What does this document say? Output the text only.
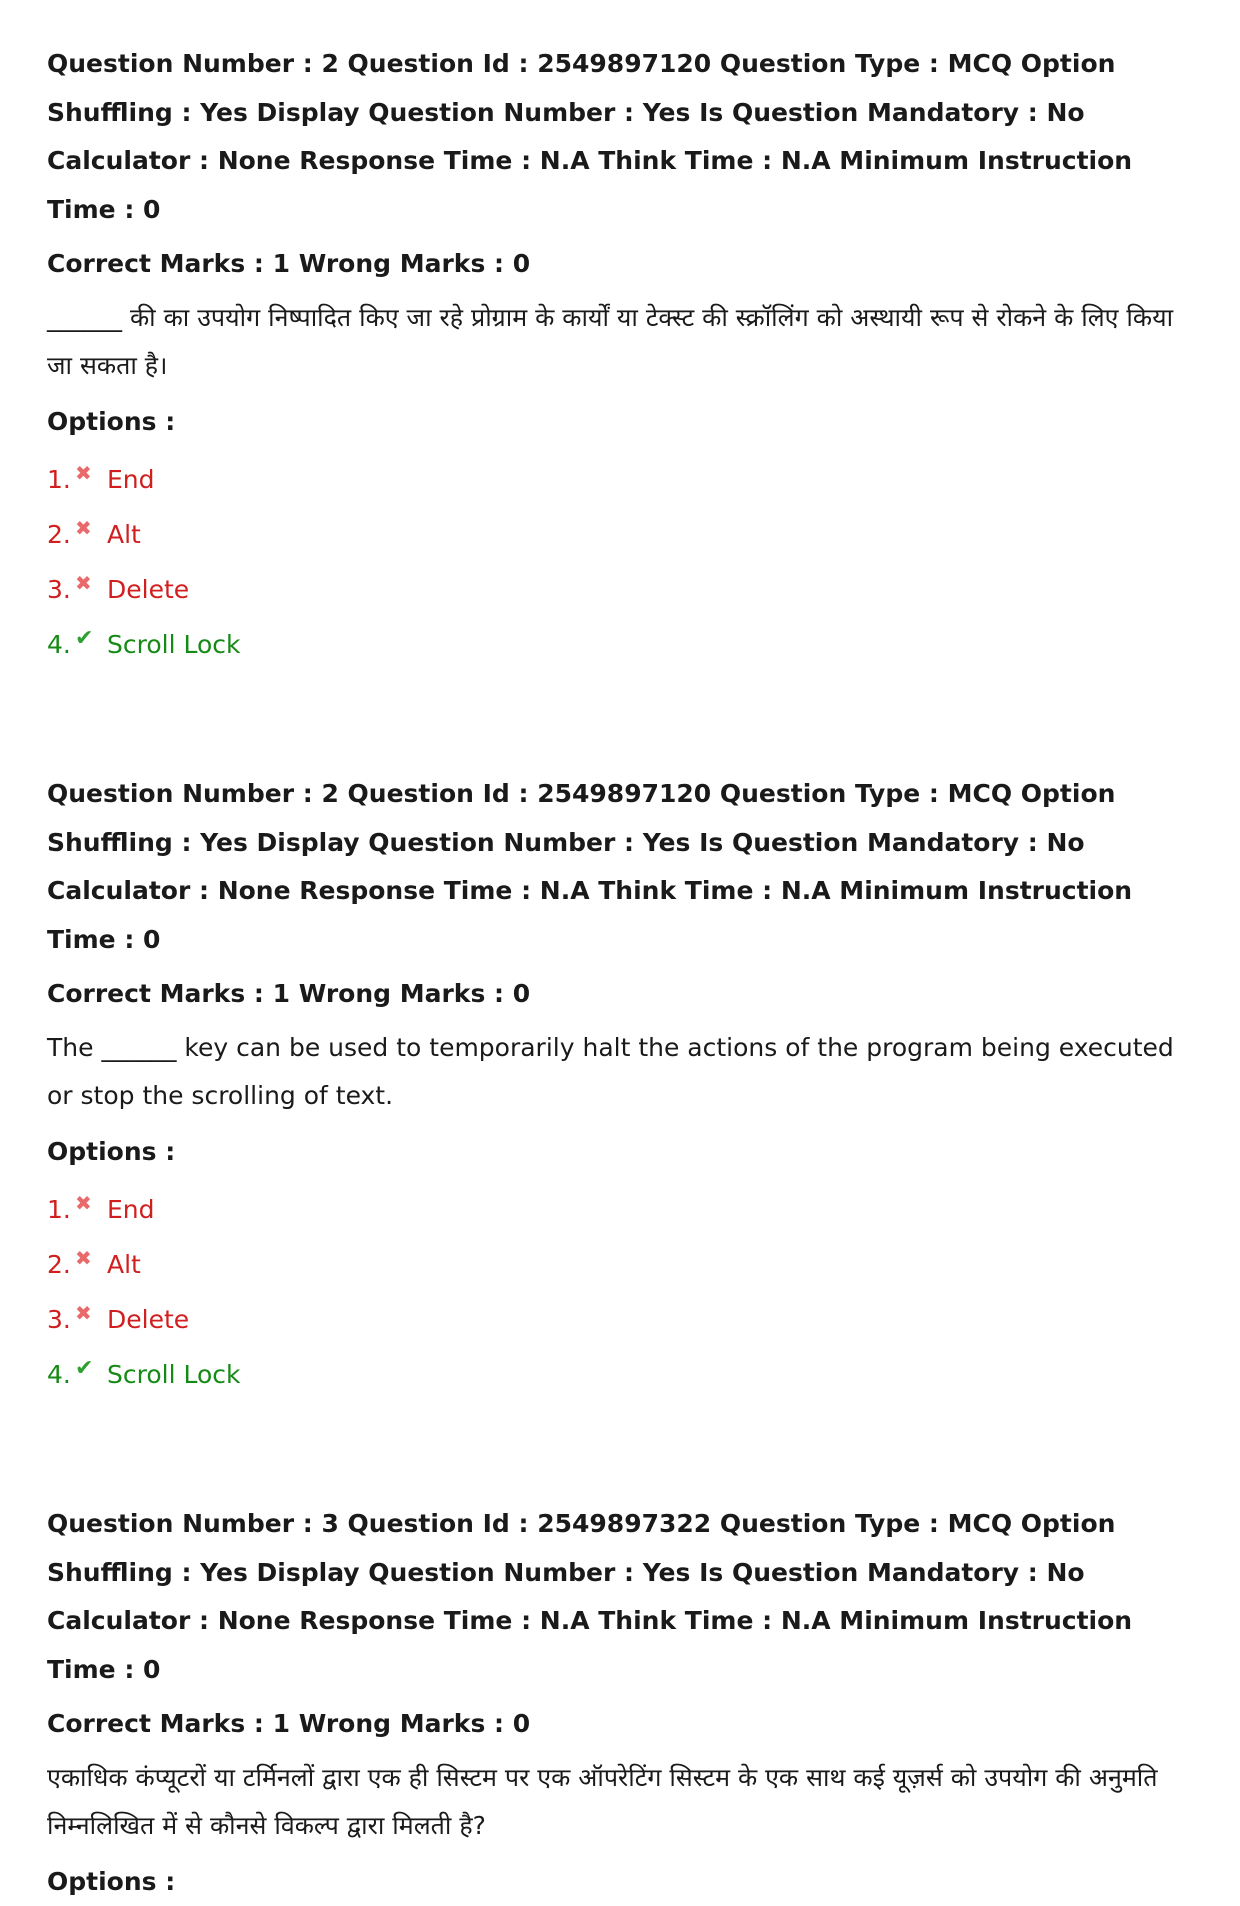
Question Number : 2 Question Id : 2549897120 Question Type : MCQ Option Shuffling : Yes Display Question Number : Yes Is Question Mandatory : No Calculator : None Response Time : N.A Think Time : N.A Minimum Instruction Time : 0

Correct Marks : 1 Wrong Marks : 0
______ की का उपयोग निष्पादित किए जा रहे प्रोग्राम के कार्यों या टेक्स्ट की स्क्रॉलिंग को अस्थायी रूप से रोकने के लिए किया जा सकता है।
Options :
1. ✖ End
2. ✖ Alt
3. ✖ Delete
4. ✔ Scroll Lock

Question Number : 2 Question Id : 2549897120 Question Type : MCQ Option Shuffling : Yes Display Question Number : Yes Is Question Mandatory : No Calculator : None Response Time : N.A Think Time : N.A Minimum Instruction Time : 0

Correct Marks : 1 Wrong Marks : 0
The ______ key can be used to temporarily halt the actions of the program being executed or stop the scrolling of text.
Options :
1. ✖ End
2. ✖ Alt
3. ✖ Delete
4. ✔ Scroll Lock

Question Number : 3 Question Id : 2549897322 Question Type : MCQ Option Shuffling : Yes Display Question Number : Yes Is Question Mandatory : No Calculator : None Response Time : N.A Think Time : N.A Minimum Instruction Time : 0

Correct Marks : 1 Wrong Marks : 0
एकाधिक कंप्यूटरों या टर्मिनलों द्वारा एक ही सिस्टम पर एक ऑपरेटिंग सिस्टम के एक साथ कई यूज़र्स को उपयोग की अनुमति निम्नलिखित में से कौनसे विकल्प द्वारा मिलती है?
Options :
